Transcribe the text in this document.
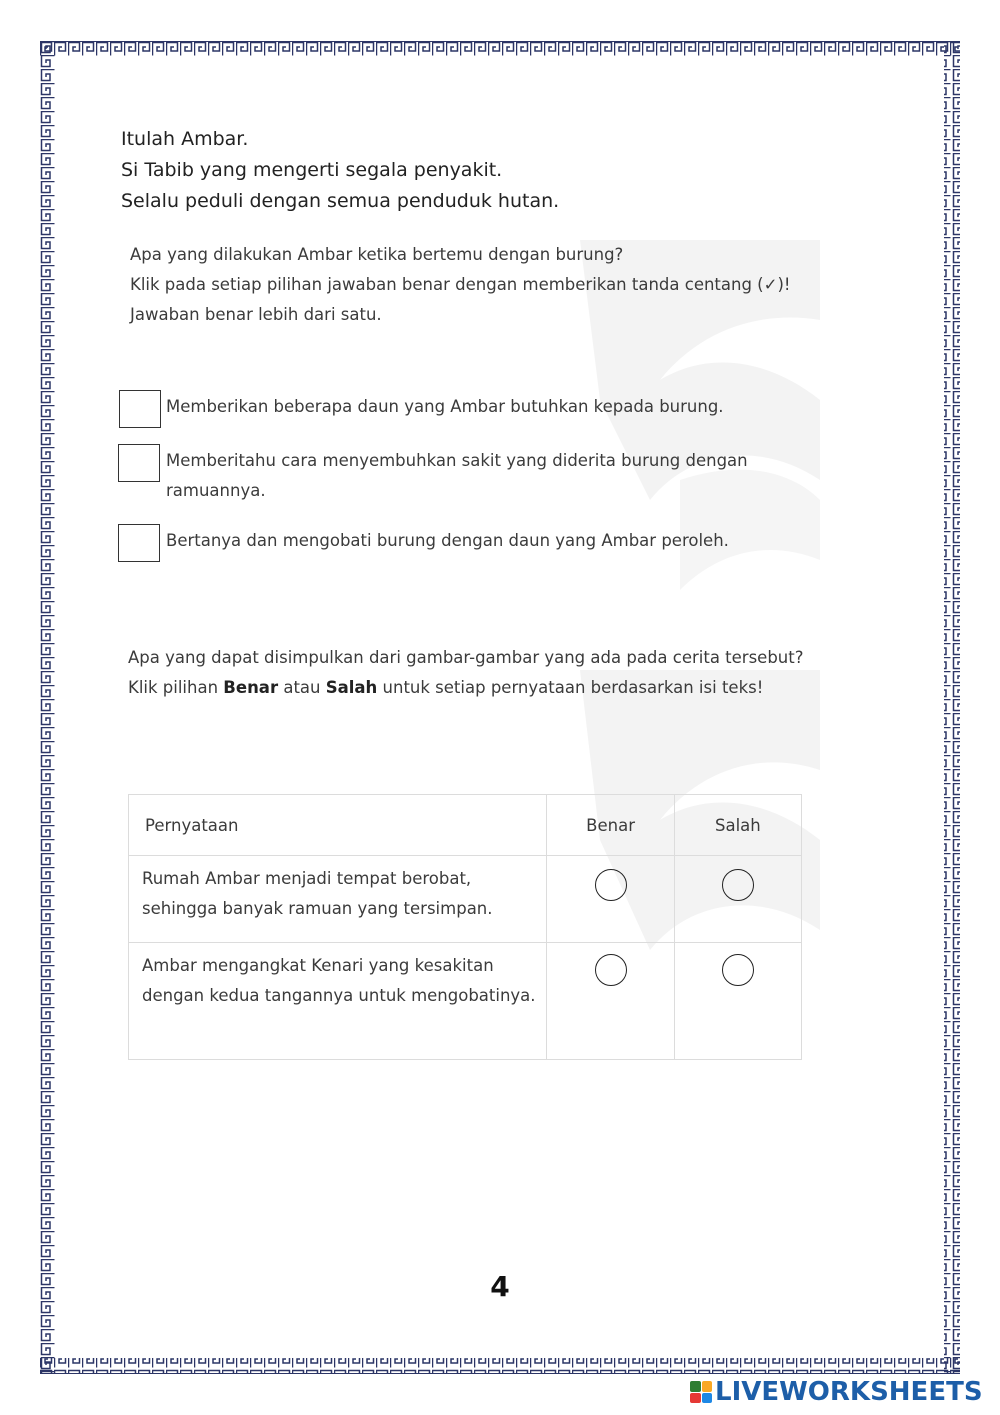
Itulah Ambar.

Si Tabib yang mengerti segala penyakit.

Selalu peduli dengan semua penduduk hutan.

Apa yang dilakukan Ambar ketika bertemu dengan burung?

Klik pada setiap pilihan jawaban benar dengan memberikan tanda centang (✓)! Jawaban benar lebih dari satu.

Memberikan beberapa daun yang Ambar butuhkan kepada burung.
Memberitahu cara menyembuhkan sakit yang diderita burung dengan ramuannya.
Bertanya dan mengobati burung dengan daun yang Ambar peroleh.

Apa yang dapat disimpulkan dari gambar-gambar yang ada pada cerita tersebut?

Klik pilihan Benar atau Salah untuk setiap pernyataan berdasarkan isi teks!

Pernyataan	Benar	Salah
Rumah Ambar menjadi tempat berobat, sehingga banyak ramuan yang tersimpan.		
Ambar mengangkat Kenari yang kesakitan dengan kedua tangannya untuk mengobatinya.		
4
LIVEWORKSHEETS
